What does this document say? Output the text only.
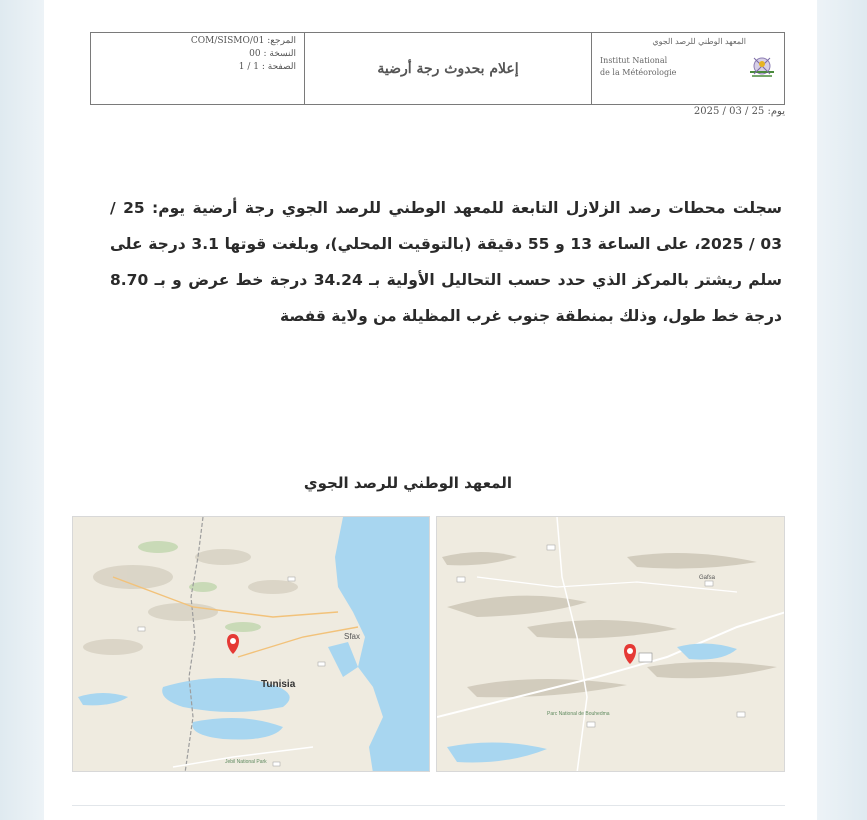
COM/SISMO/01 :المرجع
النسخة : 00
الصفحة : 1 / 1	إعلام بحدوث رجة أرضية
المعهد الوطني للرصد الجوي
Institut National
de la Météorologie
يوم: 25 / 03 / 2025
سجلت محطات رصد الزلازل التابعة للمعهد الوطني للرصد الجوي رجة أرضية يوم: 25 / 03 / 2025، على الساعة 13 و 55 دقيقة (بالتوقيت المحلي)، وبلغت قوتها 3.1 درجة على سلم ريشتر بالمركز الذي حدد حسب التحاليل الأولية بـ 34.24 درجة خط عرض و بـ 8.70 درجة خط طول، وذلك بمنطقة جنوب غرب المظيلة من ولاية قفصة
المعهد الوطني للرصد الجوي
Tunisia
Sfax
Jebil National Park
Parc National de Bouhedma
Gafsa
